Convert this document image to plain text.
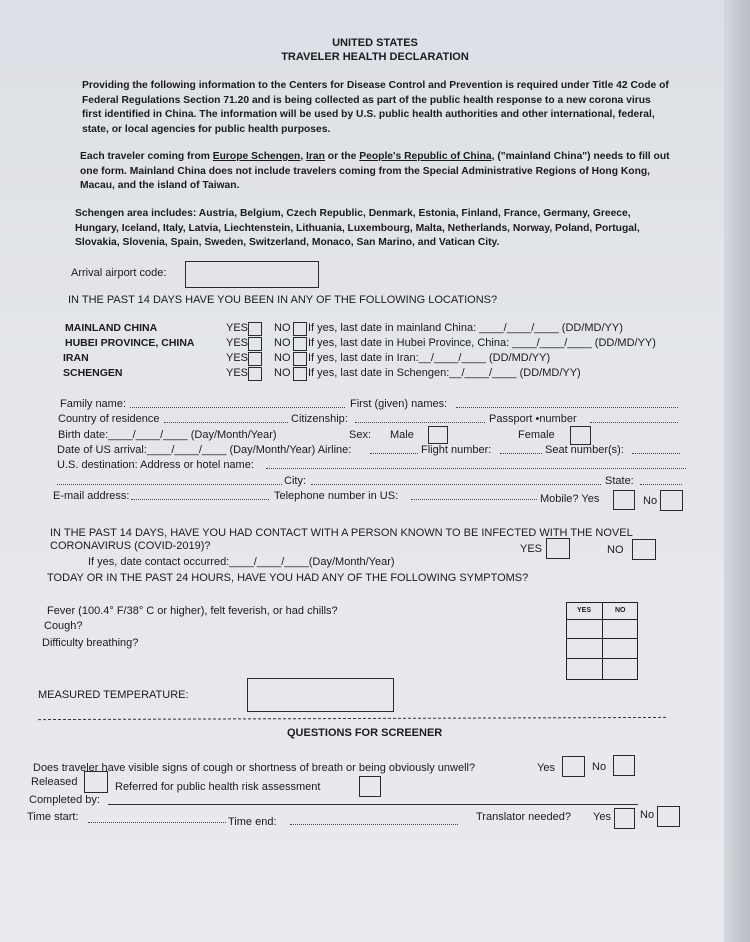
UNITED STATES
TRAVELER HEALTH DECLARATION
Providing the following information to the Centers for Disease Control and Prevention is required under Title 42 Code of Federal Regulations Section 71.20 and is being collected as part of the public health response to a new corona virus first identified in China. The information will be used by U.S. public health authorities and other international, federal, state, or local agencies for public health purposes.
Each traveler coming from Europe Schengen, Iran or the People's Republic of China, ("mainland China") needs to fill out one form. Mainland China does not include travelers coming from the Special Administrative Regions of Hong Kong, Macau, and the island of Taiwan.
Schengen area includes: Austria, Belgium, Czech Republic, Denmark, Estonia, Finland, France, Germany, Greece, Hungary, Iceland, Italy, Latvia, Liechtenstein, Lithuania, Luxembourg, Malta, Netherlands, Norway, Poland, Portugal, Slovakia, Slovenia, Spain, Sweden, Switzerland, Monaco, San Marino, and Vatican City.
Arrival airport code:
IN THE PAST 14 DAYS HAVE YOU BEEN IN ANY OF THE FOLLOWING LOCATIONS?
MAINLAND CHINA	YES NO If yes, last date in mainland China: ____/____/____ (DD/MD/YY)
HUBEI PROVINCE, CHINA	YES NO If yes, last date in Hubei Province, China: ____/____/____ (DD/MD/YY)
IRAN	YES NO If yes, last date in Iran:__/____/____ (DD/MD/YY)
SCHENGEN	YES NO If yes, last date in Schengen:__/____/____ (DD/MD/YY)
Family name:	First (given) names:
Country of residence	Citizenship:	Passport •number
Birth date:____/____/____ (Day/Month/Year)	Sex: Male	Female
Date of US arrival:____/____/____ (Day/Month/Year) Airline:	Flight number:	Seat number(s):
U.S. destination: Address or hotel name:
City:	State:
E-mail address:	Telephone number in US:	Mobile? Yes	No
IN THE PAST 14 DAYS, HAVE YOU HAD CONTACT WITH A PERSON KNOWN TO BE INFECTED WITH THE NOVEL
CORONAVIRUS (COVID-2019)?	YES	NO
If yes, date contact occurred:____/____/____(Day/Month/Year)
TODAY OR IN THE PAST 24 HOURS, HAVE YOU HAD ANY OF THE FOLLOWING SYMPTOMS?
Fever (100.4° F/38° C or higher), felt feverish, or had chills?
Cough?
Difficulty breathing?
YES	NO
MEASURED TEMPERATURE:
QUESTIONS FOR SCREENER
Does traveler have visible signs of cough or shortness of breath or being obviously unwell?	Yes	No
Released	Referred for public health risk assessment
Completed by:
Time start:	Time end:	Translator needed? Yes	No
